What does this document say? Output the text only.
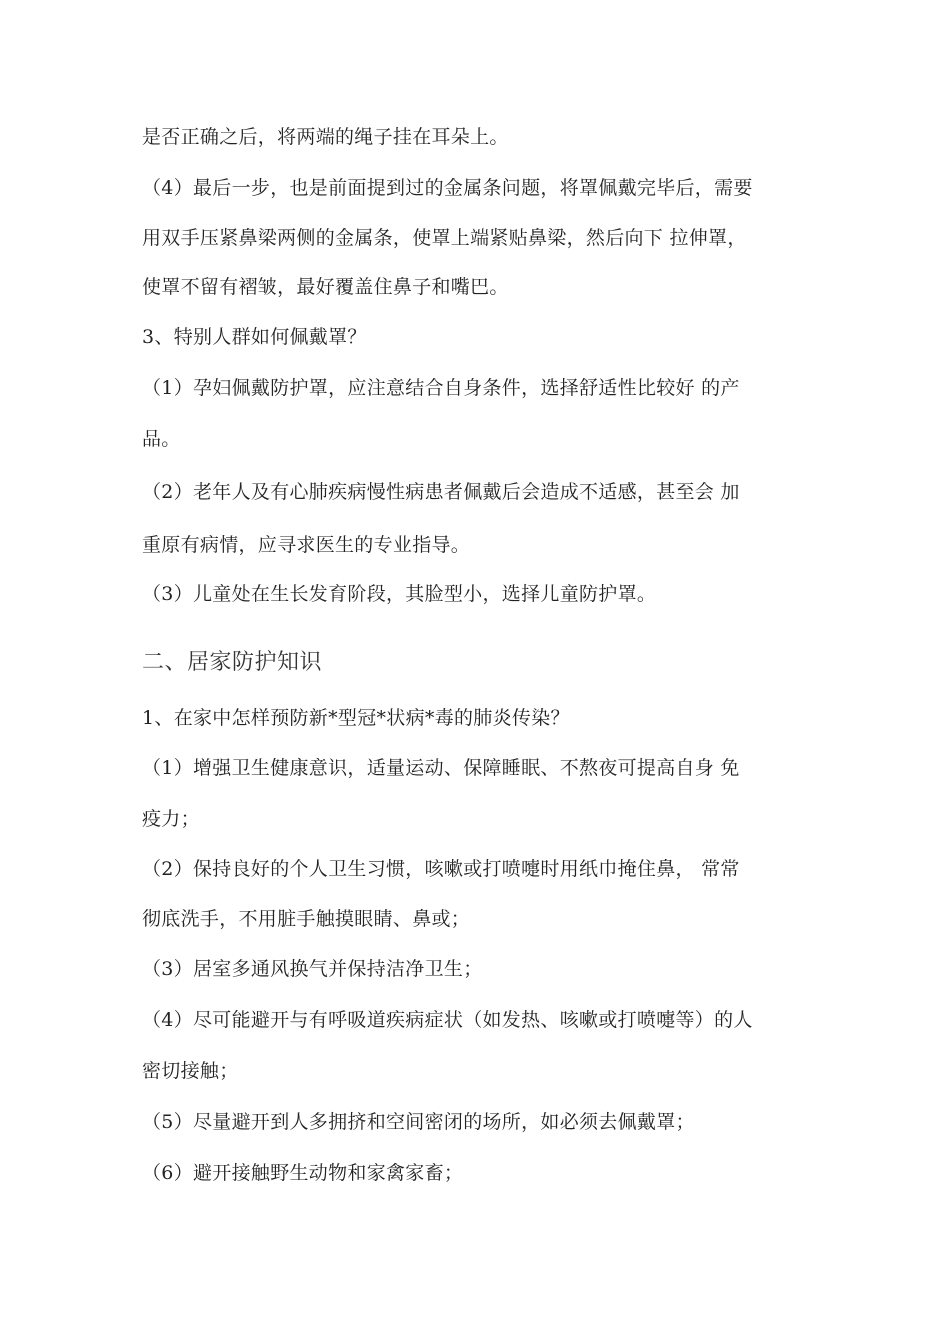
是否正确之后，将两端的绳子挂在耳朵上。
（4）最后一步，也是前面提到过的金属条问题，将罩佩戴完毕后，需要
用双手压紧鼻梁两侧的金属条，使罩上端紧贴鼻梁，然后向下 拉伸罩，
使罩不留有褶皱，最好覆盖住鼻子和嘴巴。
3、特别人群如何佩戴罩？
（1）孕妇佩戴防护罩，应注意结合自身条件，选择舒适性比较好 的产
品。
（2）老年人及有心肺疾病慢性病患者佩戴后会造成不适感，甚至会 加
重原有病情，应寻求医生的专业指导。
（3）儿童处在生长发育阶段，其脸型小，选择儿童防护罩。
二、居家防护知识
1、在家中怎样预防新*型冠*状病*毒的肺炎传染？
（1）增强卫生健康意识，适量运动、保障睡眠、不熬夜可提高自身 免
疫力；
（2）保持良好的个人卫生习惯，咳嗽或打喷嚏时用纸巾掩住鼻， 常常
彻底洗手，不用脏手触摸眼睛、鼻或；
（3）居室多通风换气并保持洁净卫生；
（4）尽可能避开与有呼吸道疾病症状（如发热、咳嗽或打喷嚏等）的人
密切接触；
（5）尽量避开到人多拥挤和空间密闭的场所，如必须去佩戴罩；
（6）避开接触野生动物和家禽家畜；
